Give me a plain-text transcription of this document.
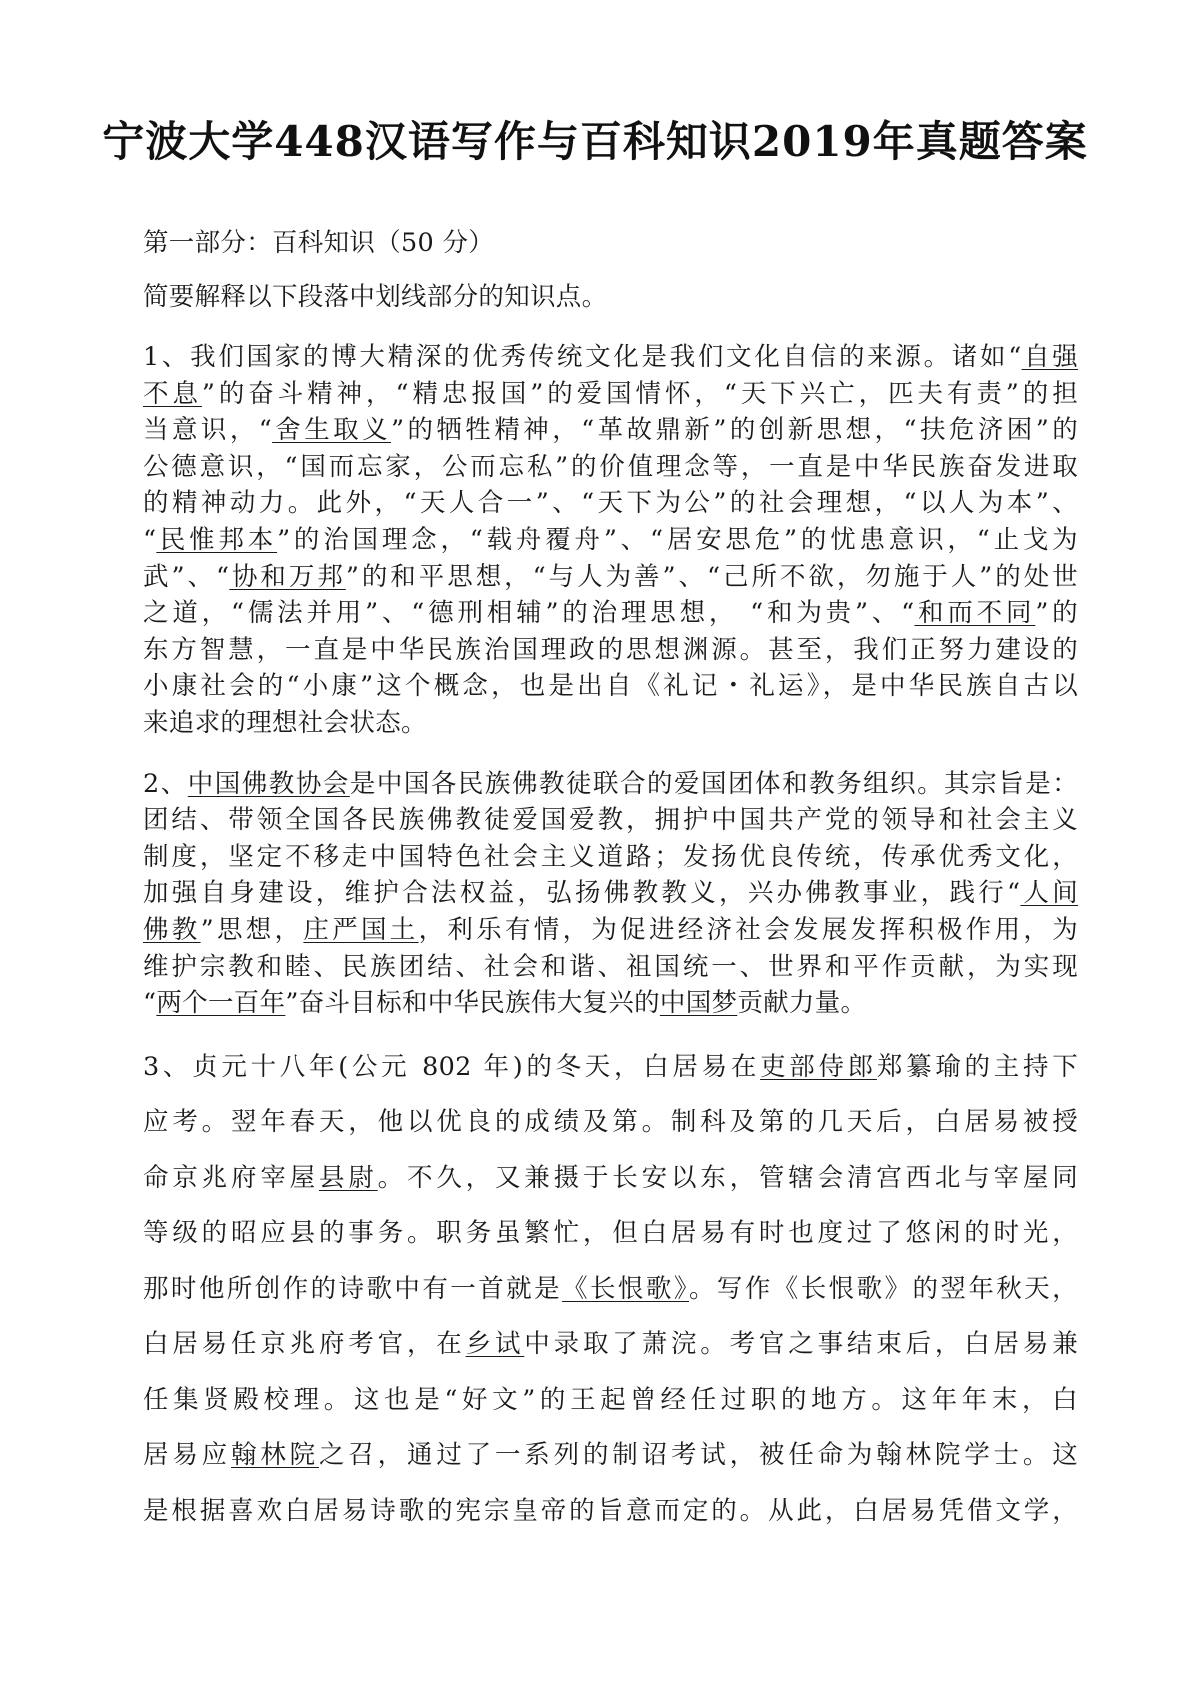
宁波大学448汉语写作与百科知识2019年真题答案

第一部分：百科知识（50 分）

简要解释以下段落中划线部分的知识点。

1、我们国家的博大精深的优秀传统文化是我们文化自信的来源。诸如“自强

不息”的奋斗精神，“精忠报国”的爱国情怀，“天下兴亡，匹夫有责”的担

当意识，“舍生取义”的牺牲精神，“革故鼎新”的创新思想，“扶危济困”的

公德意识，“国而忘家，公而忘私”的价值理念等，一直是中华民族奋发进取

的精神动力。此外，“天人合一”、“天下为公”的社会理想，“以人为本”、

“民惟邦本”的治国理念，“载舟覆舟”、“居安思危”的忧患意识，“止戈为

武”、“协和万邦”的和平思想，“与人为善”、“己所不欲，勿施于人”的处世

之道，“儒法并用”、“德刑相辅”的治理思想， “和为贵”、“和而不同”的

东方智慧，一直是中华民族治国理政的思想渊源。甚至，我们正努力建设的

小康社会的“小康”这个概念，也是出自《礼记・礼运》，是中华民族自古以

来追求的理想社会状态。

2、中国佛教协会是中国各民族佛教徒联合的爱国团体和教务组织。其宗旨是：

团结、带领全国各民族佛教徒爱国爱教，拥护中国共产党的领导和社会主义

制度，坚定不移走中国特色社会主义道路；发扬优良传统，传承优秀文化，

加强自身建设，维护合法权益，弘扬佛教教义，兴办佛教事业，践行“人间

佛教”思想，庄严国土，利乐有情，为促进经济社会发展发挥积极作用，为

维护宗教和睦、民族团结、社会和谐、祖国统一、世界和平作贡献，为实现

“两个一百年”奋斗目标和中华民族伟大复兴的中国梦贡献力量。

3、贞元十八年(公元 802 年)的冬天，白居易在吏部侍郎郑纂瑜的主持下

应考。翌年春天，他以优良的成绩及第。制科及第的几天后，白居易被授

命京兆府宰屋县尉。不久，又兼摄于长安以东，管辖会清宫西北与宰屋同

等级的昭应县的事务。职务虽繁忙，但白居易有时也度过了悠闲的时光，

那时他所创作的诗歌中有一首就是《长恨歌》。写作《长恨歌》的翌年秋天，

白居易任京兆府考官，在乡试中录取了萧浣。考官之事结束后，白居易兼

任集贤殿校理。这也是“好文”的王起曾经任过职的地方。这年年末，白

居易应翰林院之召，通过了一系列的制诏考试，被任命为翰林院学士。这

是根据喜欢白居易诗歌的宪宗皇帝的旨意而定的。从此，白居易凭借文学，
